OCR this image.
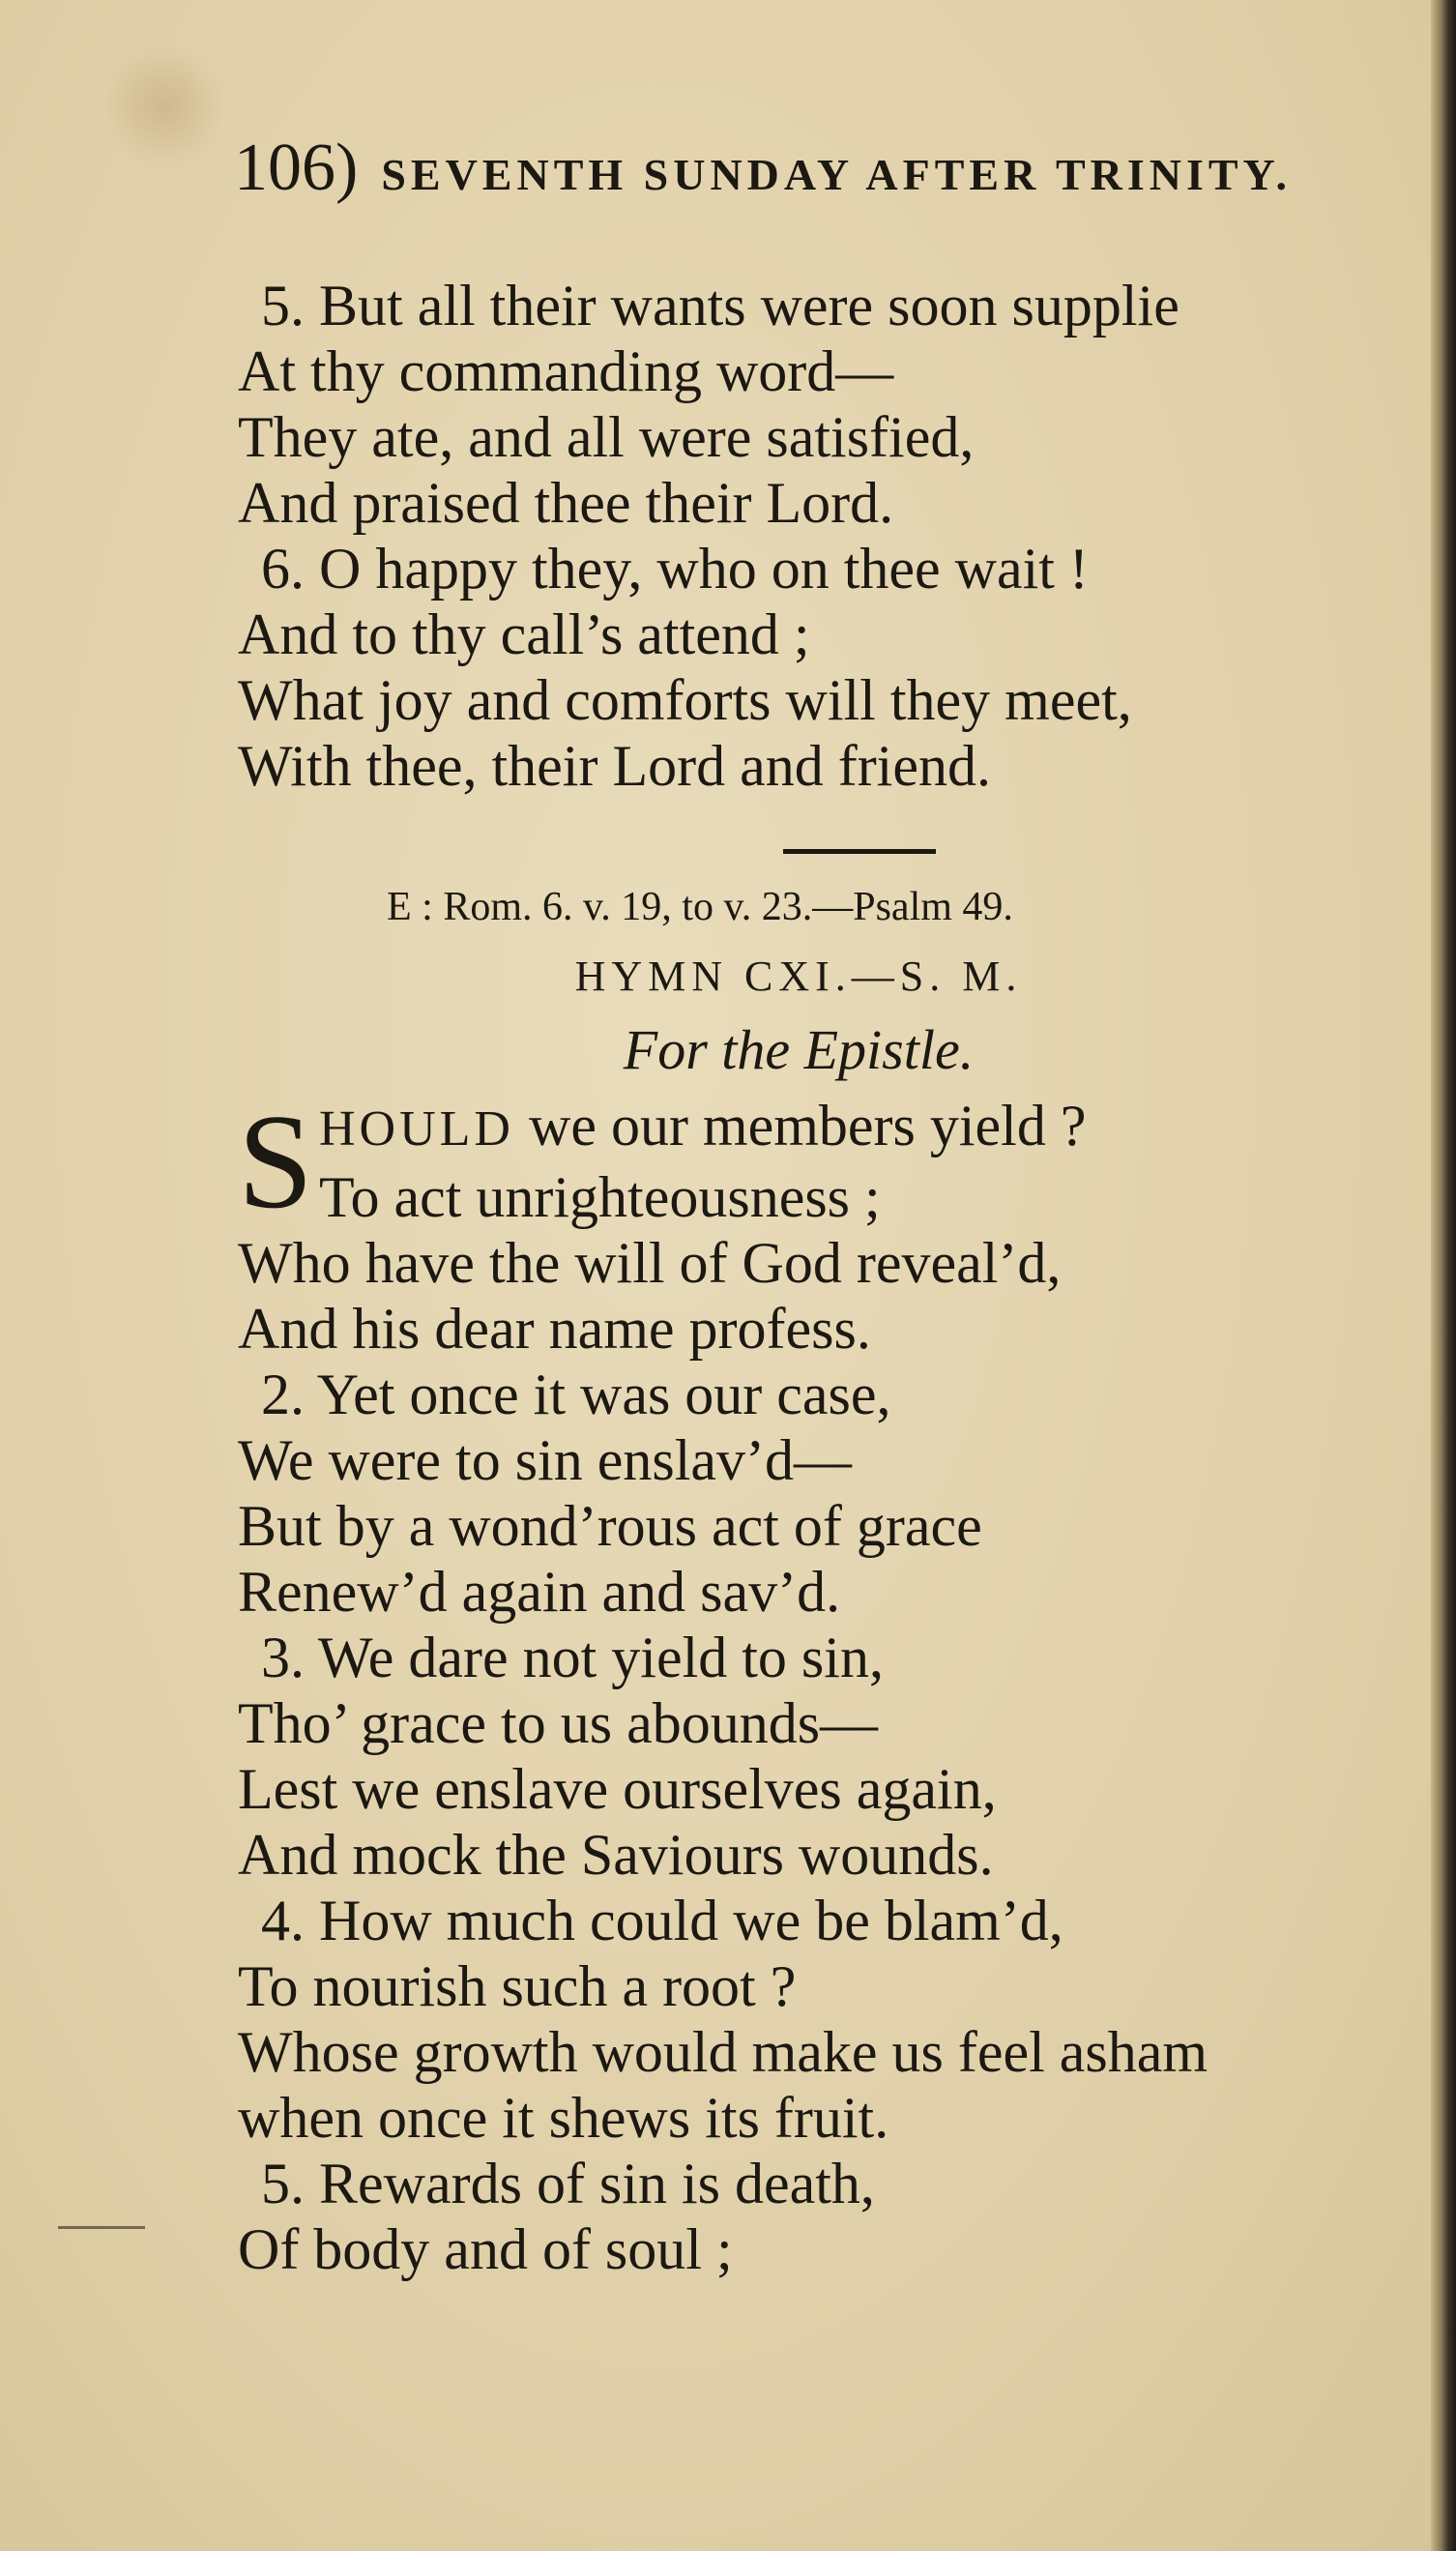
106) SEVENTH SUNDAY AFTER TRINITY.
5. But all their wants were soon supplie
At thy commanding word—
They ate, and all were satisfied,
And praised thee their Lord.
6. O happy they, who on thee wait !
And to thy call’s attend ;
What joy and comforts will they meet,
With thee, their Lord and friend.
E : Rom. 6. v. 19, to v. 23.—Psalm 49.
HYMN CXI.—S. M.
For the Epistle.
S HOULD we our members yield ?
To act unrighteousness ;
Who have the will of God reveal’d,
And his dear name profess.
2. Yet once it was our case,
We were to sin enslav’d—
But by a wond’rous act of grace
Renew’d again and sav’d.
3. We dare not yield to sin,
Tho’ grace to us abounds—
Lest we enslave ourselves again,
And mock the Saviours wounds.
4. How much could we be blam’d,
To nourish such a root ?
Whose growth would make us feel asham
when once it shews its fruit.
5. Rewards of sin is death,
Of body and of soul ;
